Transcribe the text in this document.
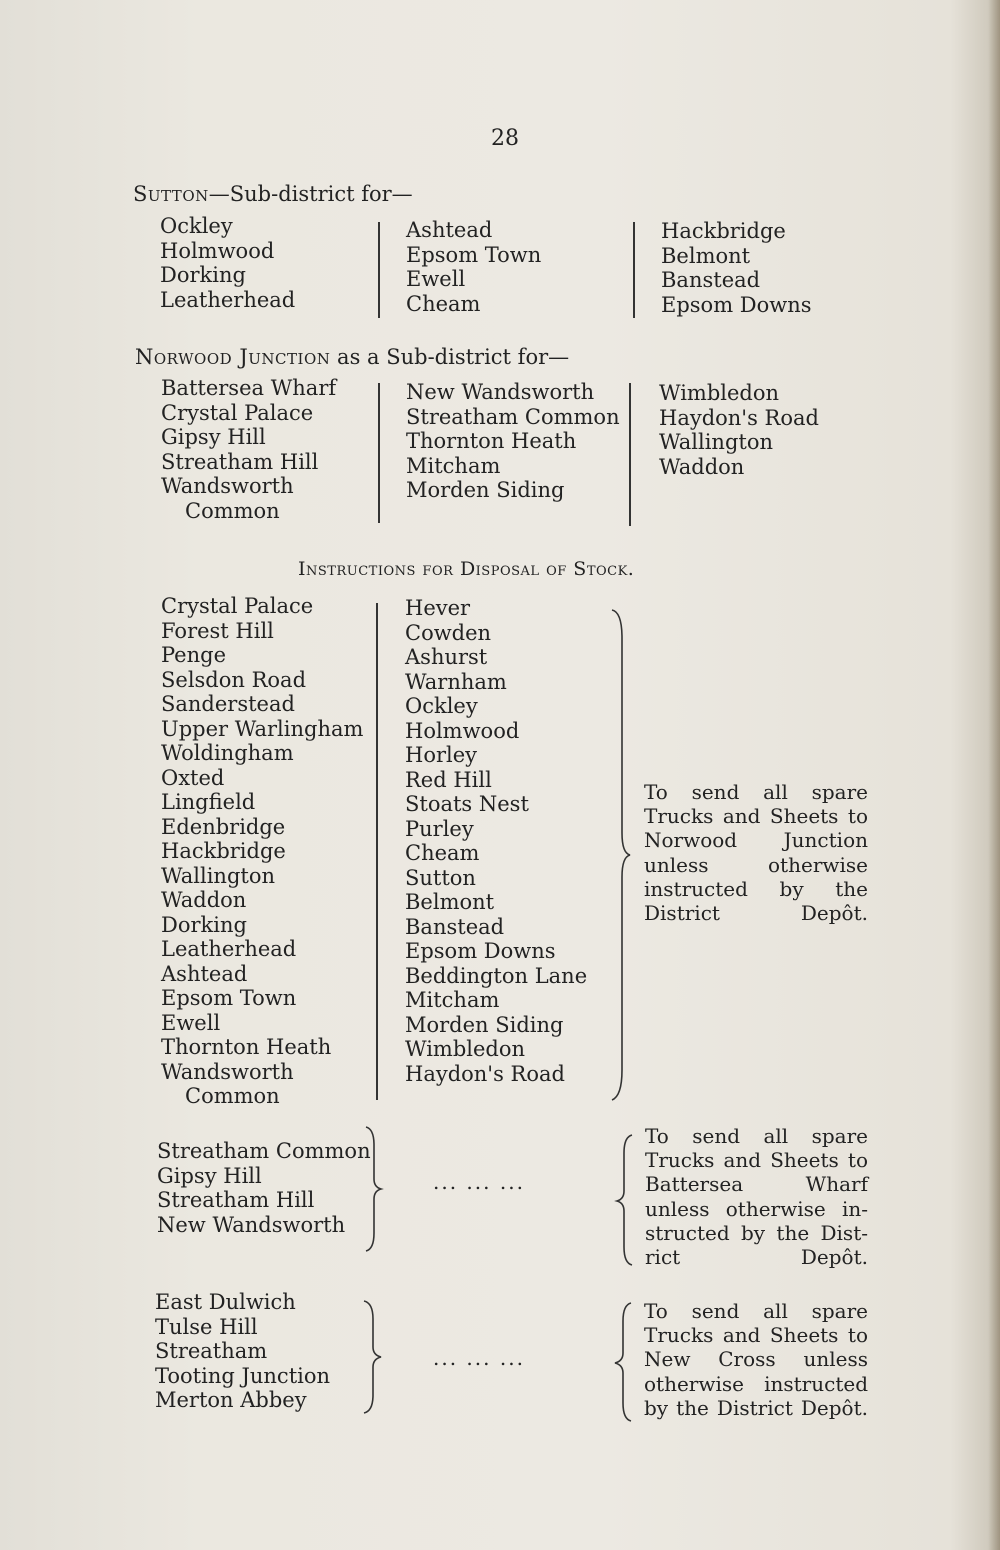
28
Sutton—Sub-district for—
Ockley
Holmwood
Dorking
Leatherhead
Ashtead
Epsom Town
Ewell
Cheam
Hackbridge
Belmont
Banstead
Epsom Downs
Norwood Junction as a Sub-district for—
Battersea Wharf
Crystal Palace
Gipsy Hill
Streatham Hill
Wandsworth
Common
New Wandsworth
Streatham Common
Thornton Heath
Mitcham
Morden Siding
Wimbledon
Haydon's Road
Wallington
Waddon
Instructions for Disposal of Stock.
Crystal Palace
Forest Hill
Penge
Selsdon Road
Sanderstead
Upper Warlingham
Woldingham
Oxted
Lingfield
Edenbridge
Hackbridge
Wallington
Waddon
Dorking
Leatherhead
Ashtead
Epsom Town
Ewell
Thornton Heath
Wandsworth
Common
Hever
Cowden
Ashurst
Warnham
Ockley
Holmwood
Horley
Red Hill
Stoats Nest
Purley
Cheam
Sutton
Belmont
Banstead
Epsom Downs
Beddington Lane
Mitcham
Morden Siding
Wimbledon
Haydon's Road
To send all spare
Trucks and Sheets to
Norwood Junction
unless otherwise
instructed by the
District Depôt.
Streatham Common
Gipsy Hill
Streatham Hill
New Wandsworth
... ... ...
To send all spare
Trucks and Sheets to
Battersea Wharf
unless otherwise in-
structed by the Dist-
rict Depôt.
East Dulwich
Tulse Hill
Streatham
Tooting Junction
Merton Abbey
... ... ...
To send all spare
Trucks and Sheets to
New Cross unless
otherwise instructed
by the District Depôt.
